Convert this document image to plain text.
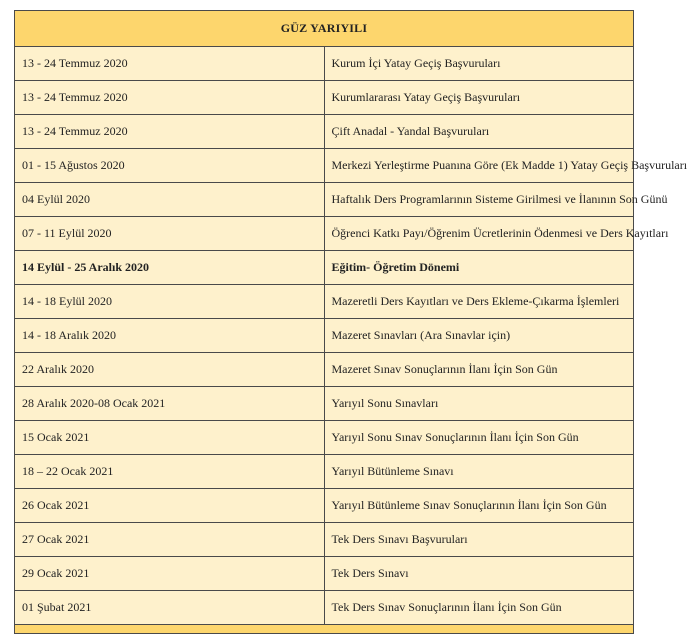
GÜZ YARIYILI	
13 - 24 Temmuz 2020	Kurum İçi Yatay Geçiş Başvuruları
13 - 24 Temmuz 2020	Kurumlararası Yatay Geçiş Başvuruları
13 - 24 Temmuz 2020	Çift Anadal - Yandal Başvuruları
01 - 15 Ağustos 2020	Merkezi Yerleştirme Puanına Göre (Ek Madde 1) Yatay Geçiş Başvuruları
04 Eylül 2020	Haftalık Ders Programlarının Sisteme Girilmesi ve İlanının Son Günü
07 - 11 Eylül 2020	Öğrenci Katkı Payı/Öğrenim Ücretlerinin Ödenmesi ve Ders Kayıtları
14 Eylül - 25 Aralık 2020	Eğitim- Öğretim Dönemi
14 - 18 Eylül 2020	Mazeretli Ders Kayıtları ve Ders Ekleme-Çıkarma İşlemleri
14 - 18 Aralık 2020	Mazeret Sınavları (Ara Sınavlar için)
22 Aralık 2020	Mazeret Sınav Sonuçlarının İlanı İçin Son Gün
28 Aralık 2020-08 Ocak 2021	Yarıyıl Sonu Sınavları
15 Ocak 2021	Yarıyıl Sonu Sınav Sonuçlarının İlanı İçin Son Gün
18 – 22 Ocak 2021	Yarıyıl Bütünleme Sınavı
26 Ocak 2021	Yarıyıl Bütünleme Sınav Sonuçlarının İlanı İçin Son Gün
27 Ocak 2021	Tek Ders Sınavı Başvuruları
29 Ocak 2021	Tek Ders Sınavı
01 Şubat 2021	Tek Ders Sınav Sonuçlarının İlanı İçin Son Gün
